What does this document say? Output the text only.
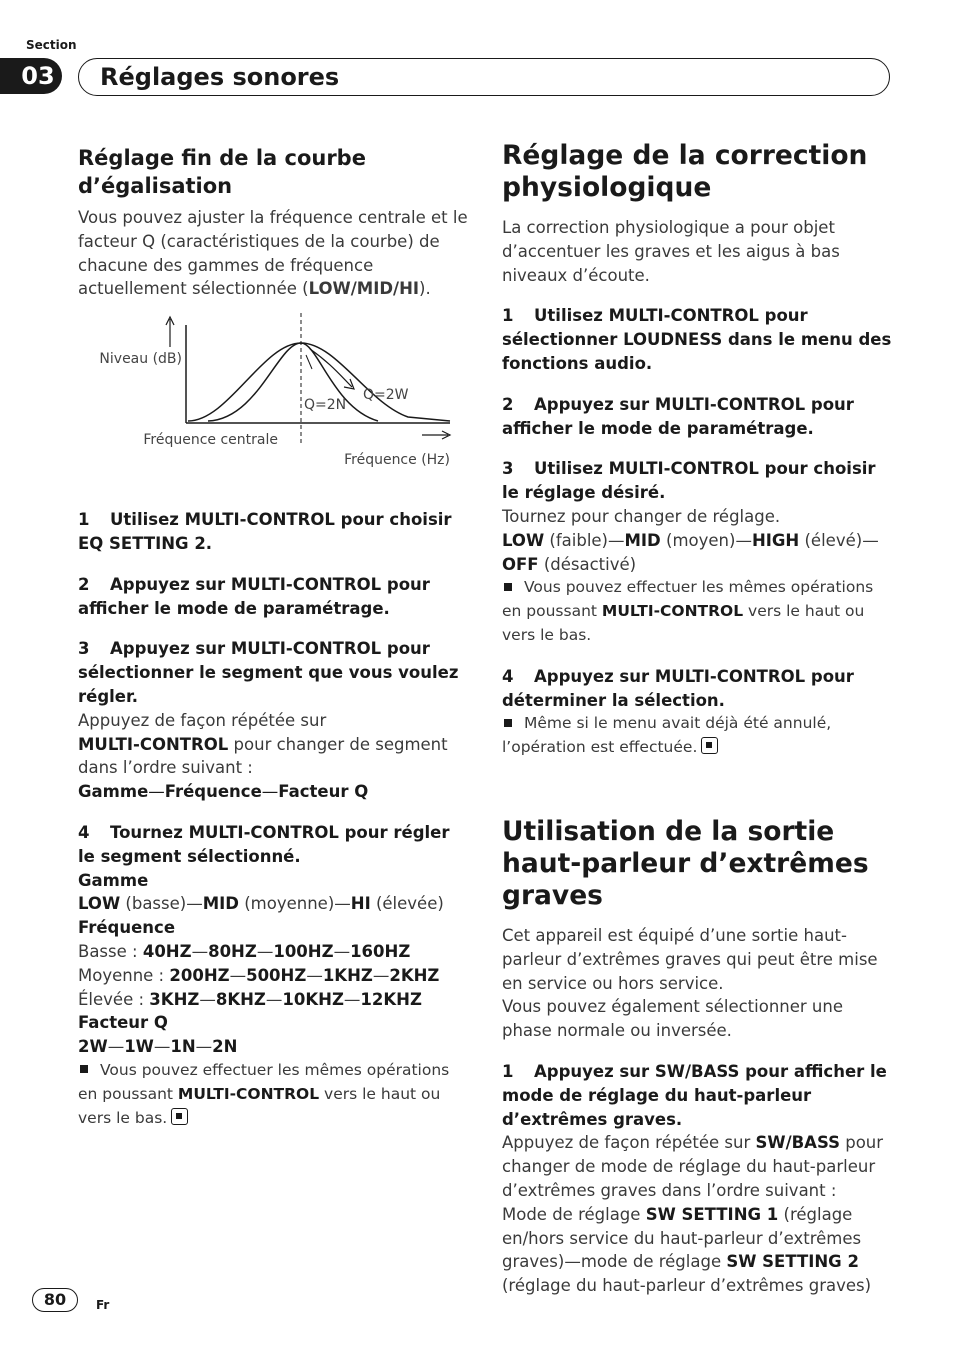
Section
03	Réglages sonores
Réglage fin de la courbe d’égalisation

Vous pouvez ajuster la fréquence centrale et le facteur Q (caractéristiques de la courbe) de chacune des gammes de fréquence actuellement sélectionnée (LOW/MID/HI).

Niveau (dB)
Q=2N
Q=2W
Fréquence centrale
Fréquence (Hz)

1 Utilisez MULTI-CONTROL pour choisir EQ SETTING 2.

2 Appuyez sur MULTI-CONTROL pour afficher le mode de paramétrage.

3 Appuyez sur MULTI-CONTROL pour sélectionner le segment que vous voulez régler.

Appuyez de façon répétée sur
MULTI-CONTROL pour changer de segment dans l’ordre suivant :

Gamme—Fréquence—Facteur Q

4 Tournez MULTI-CONTROL pour régler le segment sélectionné.

Gamme

LOW (basse)—MID (moyenne)—HI (élevée)

Fréquence

Basse : 40HZ—80HZ—100HZ—160HZ

Moyenne : 200HZ—500HZ—1KHZ—2KHZ

Élevée : 3KHZ—8KHZ—10KHZ—12KHZ

Facteur Q

2W—1W—1N—2N

Vous pouvez effectuer les mêmes opérations en poussant MULTI-CONTROL vers le haut ou vers le bas.

Réglage de la correction physiologique

La correction physiologique a pour objet d’accentuer les graves et les aigus à bas niveaux d’écoute.

1 Utilisez MULTI-CONTROL pour sélectionner LOUDNESS dans le menu des fonctions audio.

2 Appuyez sur MULTI-CONTROL pour afficher le mode de paramétrage.

3 Utilisez MULTI-CONTROL pour choisir le réglage désiré.

Tournez pour changer de réglage.

LOW (faible)—MID (moyen)—HIGH (élevé)—
OFF (désactivé)

Vous pouvez effectuer les mêmes opérations en poussant MULTI-CONTROL vers le haut ou vers le bas.

4 Appuyez sur MULTI-CONTROL pour déterminer la sélection.

Même si le menu avait déjà été annulé, l’opération est effectuée.

Utilisation de la sortie haut-parleur d’extrêmes graves

Cet appareil est équipé d’une sortie haut-parleur d’extrêmes graves qui peut être mise en service ou hors service.

Vous pouvez également sélectionner une phase normale ou inversée.

1 Appuyez sur SW/BASS pour afficher le mode de réglage du haut-parleur d’extrêmes graves.

Appuyez de façon répétée sur SW/BASS pour changer de mode de réglage du haut-parleur d’extrêmes graves dans l’ordre suivant :
Mode de réglage SW SETTING 1 (réglage en/hors service du haut-parleur d’extrêmes graves)—mode de réglage SW SETTING 2 (réglage du haut-parleur d’extrêmes graves)

80	Fr
